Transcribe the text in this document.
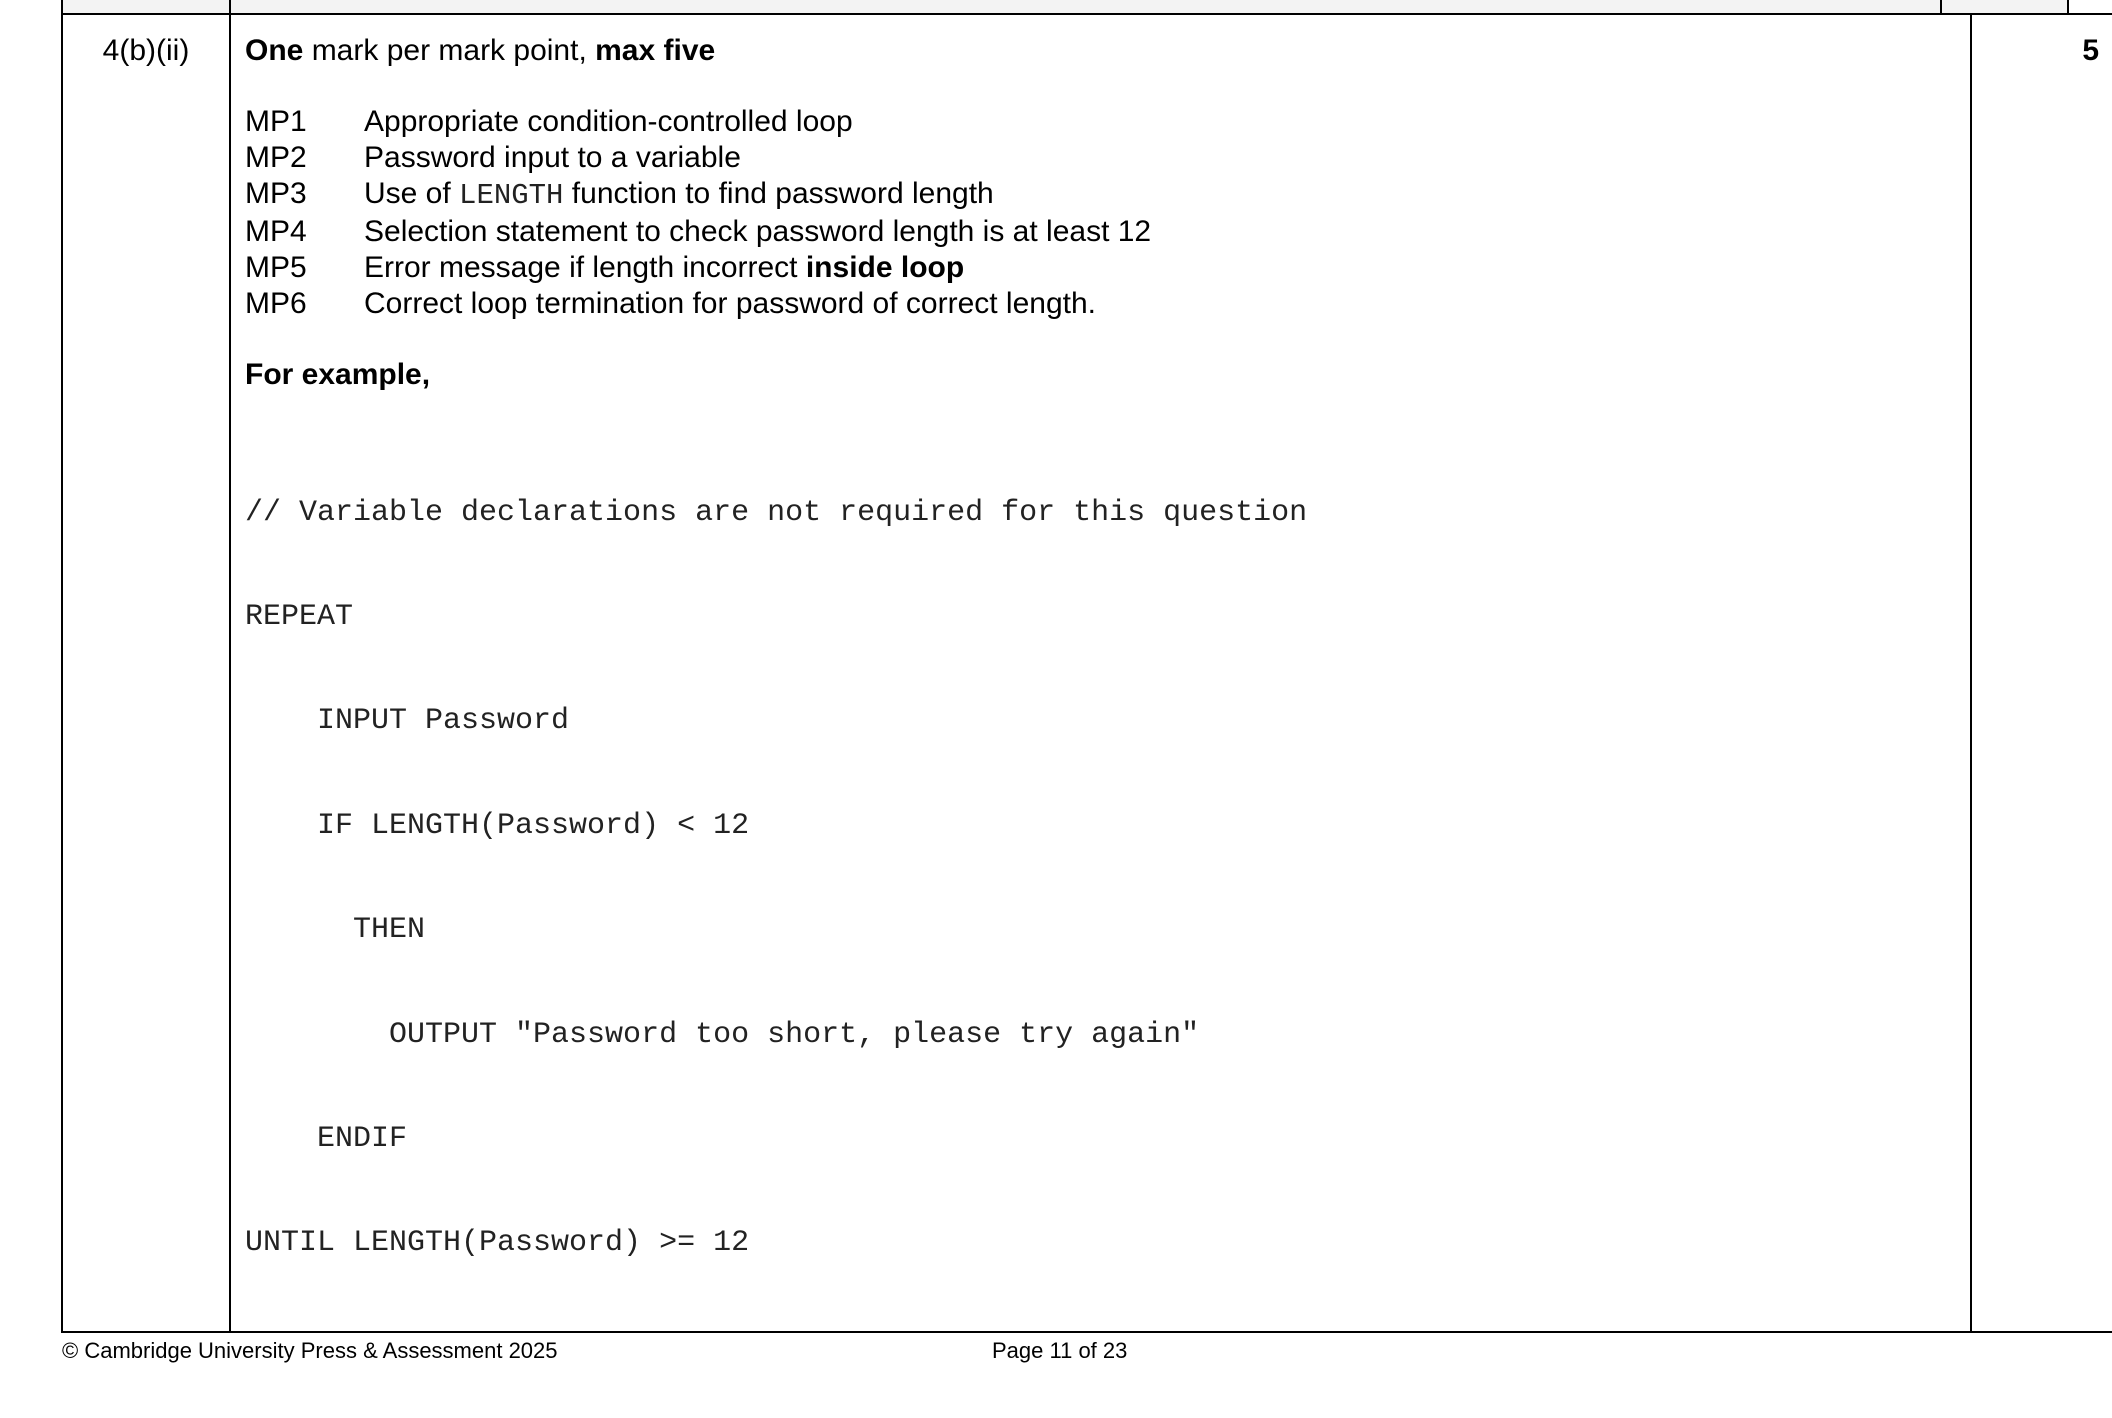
4(b)(ii)	One mark per mark point, max five

MP1	Appropriate condition-controlled loop
MP2	Password input to a variable
MP3	Use of LENGTH function to find password length
MP4	Selection statement to check password length is at least 12
MP5	Error message if length incorrect inside loop
MP6	Correct loop termination for password of correct length.
For example,

// Variable declarations are not required for this question

REPEAT

INPUT Password

IF LENGTH(Password) < 12

THEN

OUTPUT "Password too short, please try again"

ENDIF

UNTIL LENGTH(Password) >= 12

	5
© Cambridge University Press & Assessment 2025	Page 11 of 23
